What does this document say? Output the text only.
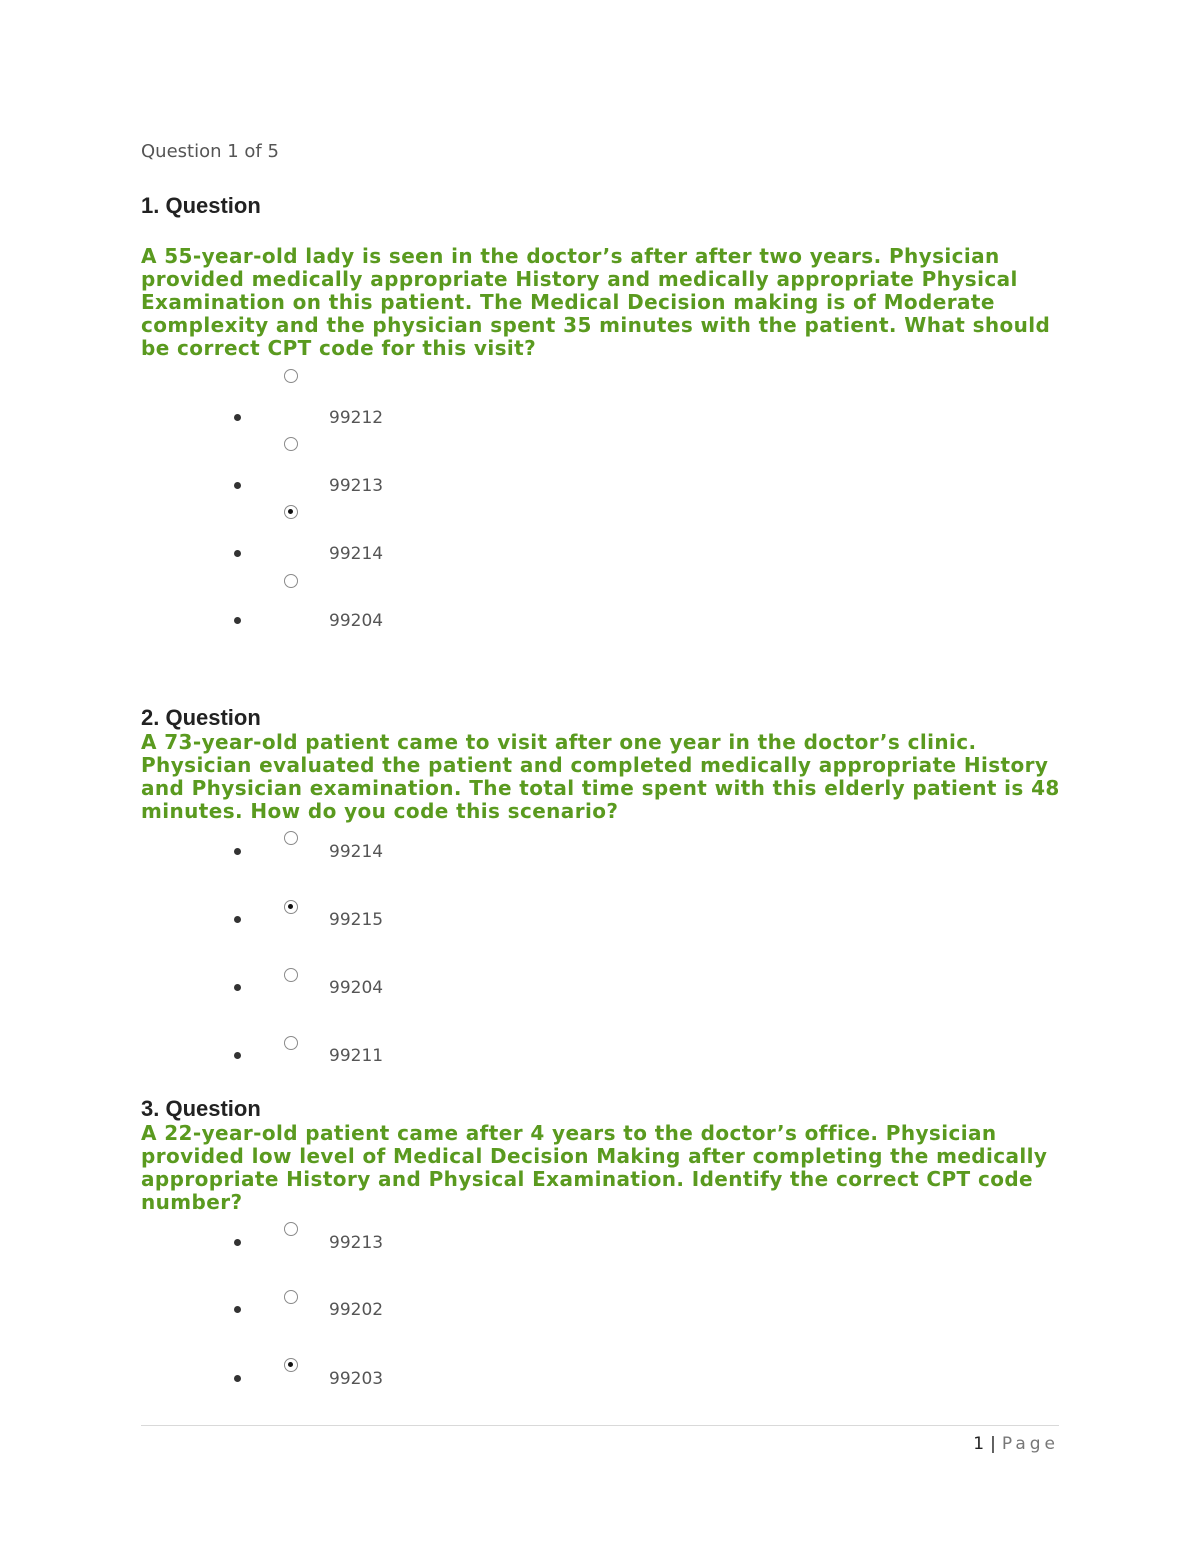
Question 1 of 5
1. Question

A 55-year-old lady is seen in the doctor’s after after two years. Physician provided medically appropriate History and medically appropriate Physical Examination on this patient. The Medical Decision making is of Moderate complexity and the physician spent 35 minutes with the patient. What should be correct CPT code for this visit?

99212
99213
99214
99204
2. Question

A 73-year-old patient came to visit after one year in the doctor’s clinic. Physician evaluated the patient and completed medically appropriate History and Physician examination. The total time spent with this elderly patient is 48 minutes. How do you code this scenario?

99214
99215
99204
99211
3. Question

A 22-year-old patient came after 4 years to the doctor’s office. Physician provided low level of Medical Decision Making after completing the medically appropriate History and Physical Examination. Identify the correct CPT code number?

99213
99202
99203
1 | Page
